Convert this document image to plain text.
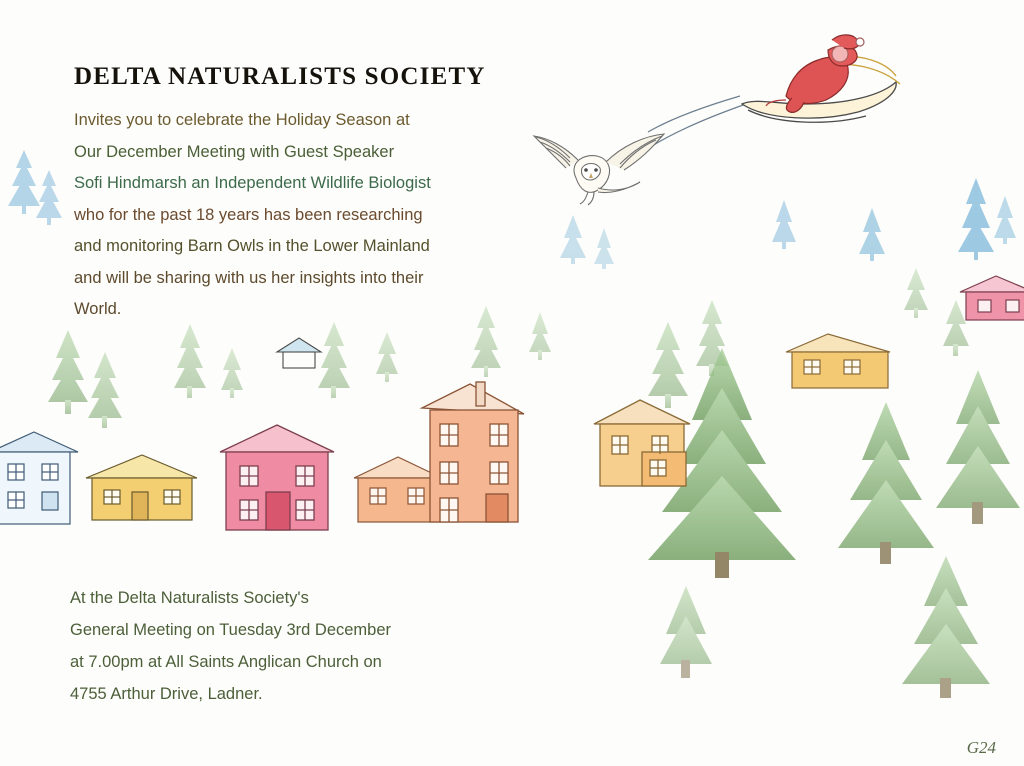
DELTA NATURALISTS SOCIETY
Invites you to celebrate the Holiday Season at
Our December Meeting with Guest Speaker
Sofi Hindmarsh an Independent Wildlife Biologist
who for the past 18 years has been researching
and monitoring Barn Owls in the Lower Mainland
and will be sharing with us her insights into their
World.
At the Delta Naturalists Society's
General Meeting on Tuesday 3rd December
at 7.00pm at All Saints Anglican Church on
4755 Arthur Drive, Ladner.
G24
